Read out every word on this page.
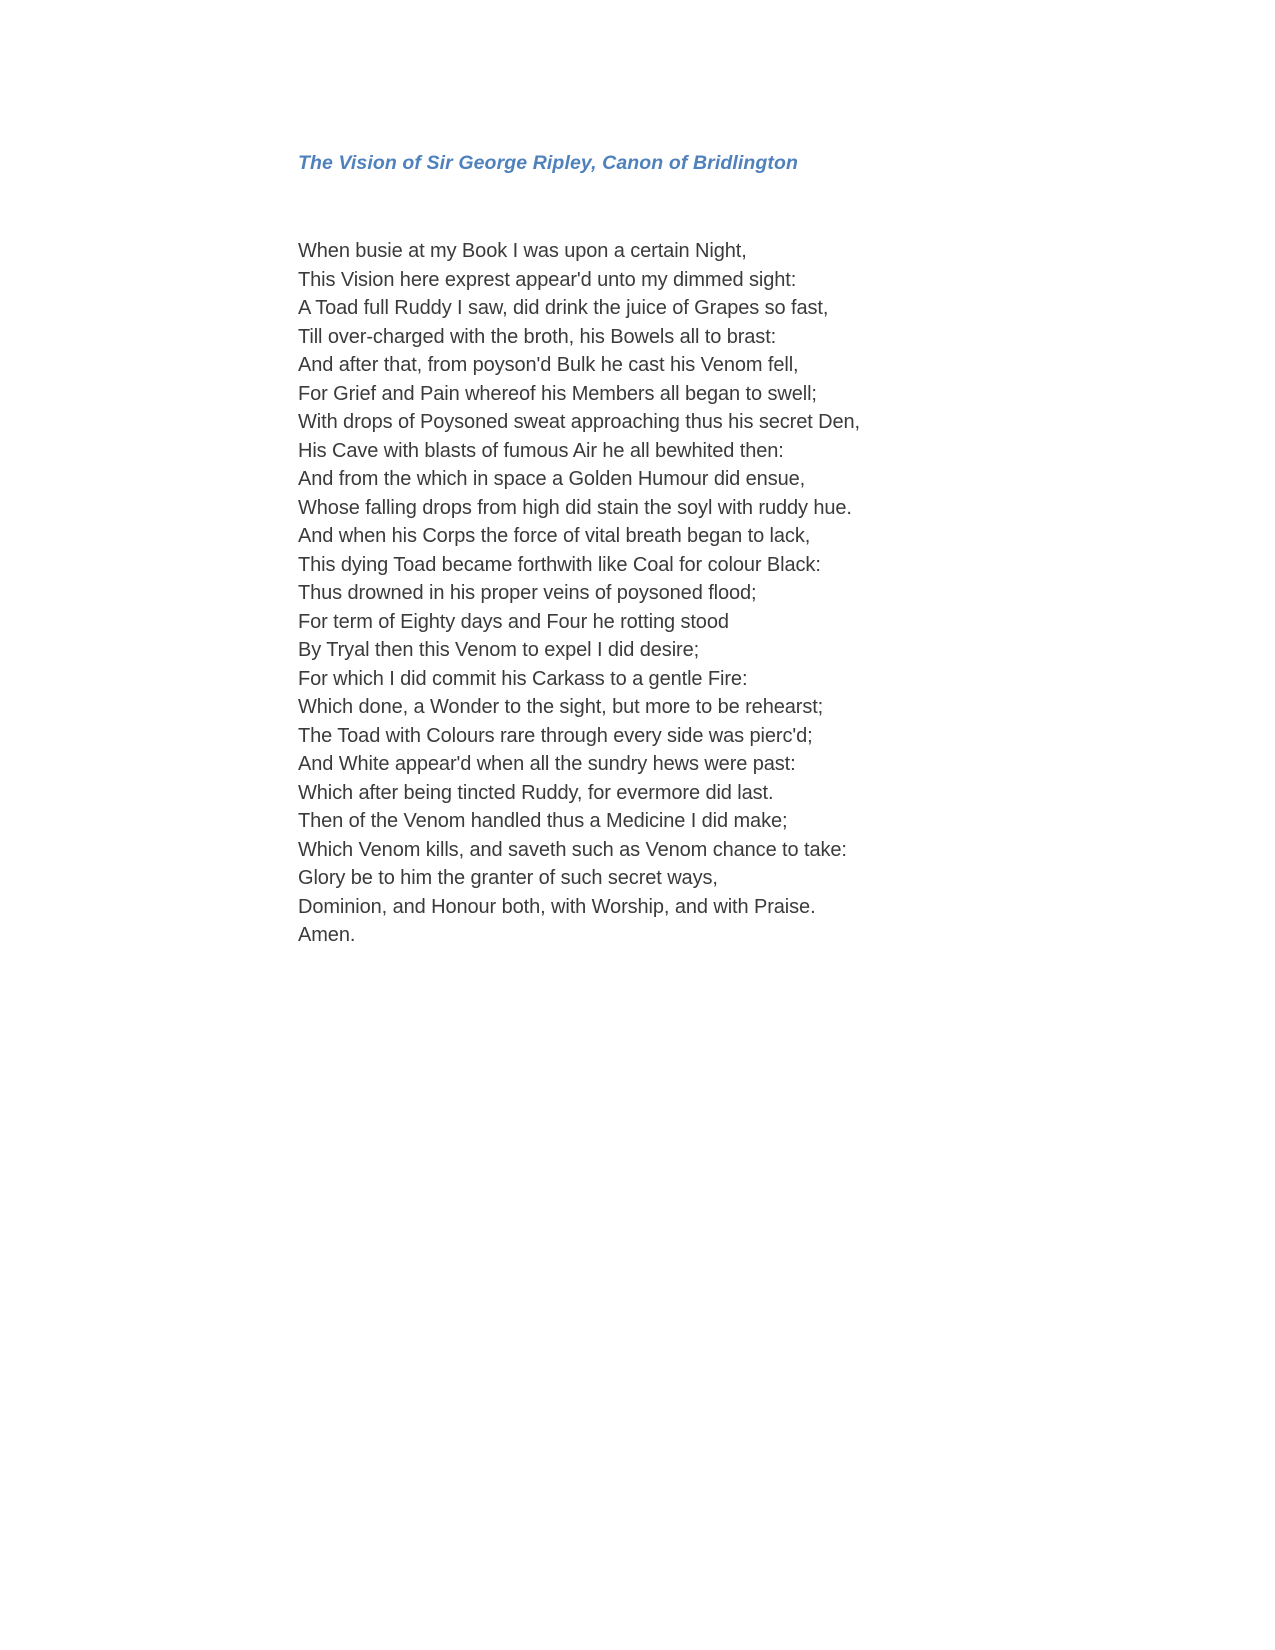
The Vision of Sir George Ripley, Canon of Bridlington
When busie at my Book I was upon a certain Night,
This Vision here exprest appear'd unto my dimmed sight:
A Toad full Ruddy I saw, did drink the juice of Grapes so fast,
Till over-charged with the broth, his Bowels all to brast:
And after that, from poyson'd Bulk he cast his Venom fell,
For Grief and Pain whereof his Members all began to swell;
With drops of Poysoned sweat approaching thus his secret Den,
His Cave with blasts of fumous Air he all bewhited then:
And from the which in space a Golden Humour did ensue,
Whose falling drops from high did stain the soyl with ruddy hue.
And when his Corps the force of vital breath began to lack,
This dying Toad became forthwith like Coal for colour Black:
Thus drowned in his proper veins of poysoned flood;
For term of Eighty days and Four he rotting stood
By Tryal then this Venom to expel I did desire;
For which I did commit his Carkass to a gentle Fire:
Which done, a Wonder to the sight, but more to be rehearst;
The Toad with Colours rare through every side was pierc'd;
And White appear'd when all the sundry hews were past:
Which after being tincted Ruddy, for evermore did last.
Then of the Venom handled thus a Medicine I did make;
Which Venom kills, and saveth such as Venom chance to take:
Glory be to him the granter of such secret ways,
Dominion, and Honour both, with Worship, and with Praise.
Amen.
